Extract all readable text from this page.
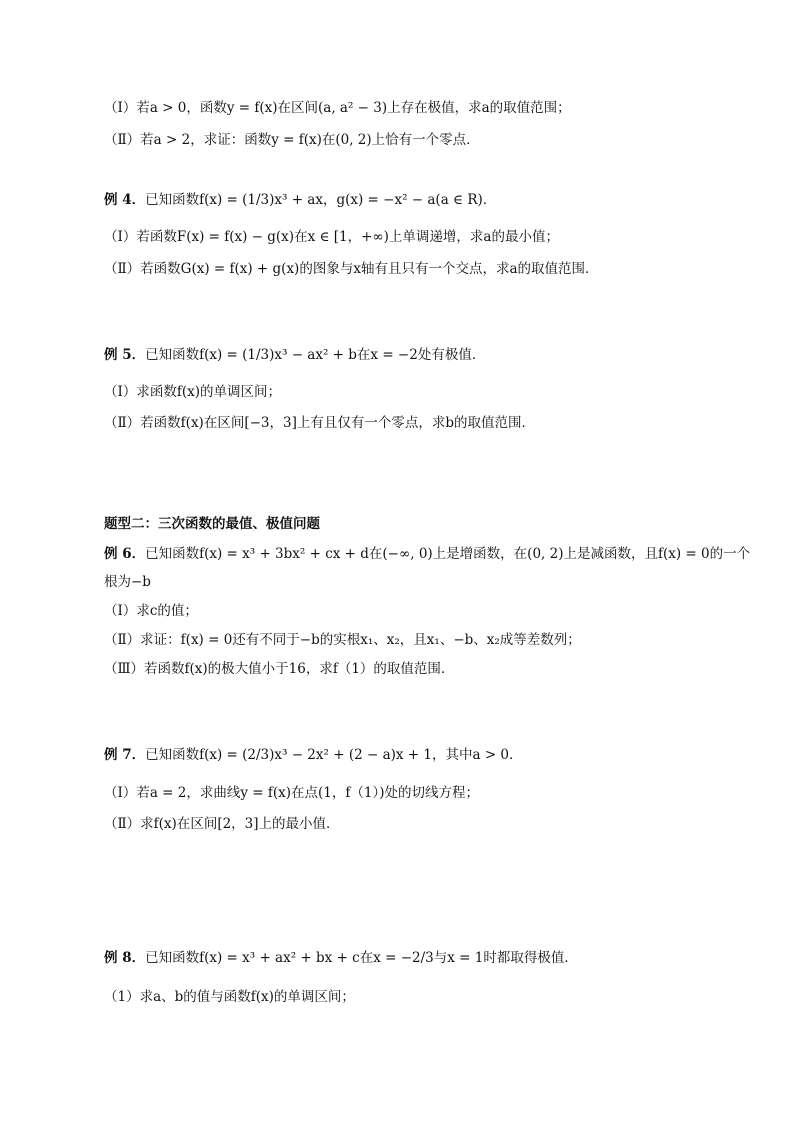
（Ⅰ）若a > 0，函数y = f(x)在区间(a, a² − 3)上存在极值，求a的取值范围；
（Ⅱ）若a > 2，求证：函数y = f(x)在(0, 2)上恰有一个零点．
例 4．已知函数f(x) = (1/3)x³ + ax，g(x) = −x² − a(a ∈ R)．
（Ⅰ）若函数F(x) = f(x) − g(x)在x ∈ [1，+∞)上单调递增，求a的最小值；
（Ⅱ）若函数G(x) = f(x) + g(x)的图象与x轴有且只有一个交点，求a的取值范围．
例 5．已知函数f(x) = (1/3)x³ − ax² + b在x = −2处有极值．
（Ⅰ）求函数f(x)的单调区间；
（Ⅱ）若函数f(x)在区间[−3，3]上有且仅有一个零点，求b的取值范围．
题型二：三次函数的最值、极值问题
例 6．已知函数f(x) = x³ + 3bx² + cx + d在(−∞, 0)上是增函数，在(0, 2)上是减函数，且f(x) = 0的一个
根为−b
（Ⅰ）求c的值；
（Ⅱ）求证：f(x) = 0还有不同于−b的实根x₁、x₂，且x₁、−b、x₂成等差数列；
（Ⅲ）若函数f(x)的极大值小于16，求f（1）的取值范围．
例 7．已知函数f(x) = (2/3)x³ − 2x² + (2 − a)x + 1，其中a > 0．
（Ⅰ）若a = 2，求曲线y = f(x)在点(1，f（1）)处的切线方程；
（Ⅱ）求f(x)在区间[2，3]上的最小值．
例 8．已知函数f(x) = x³ + ax² + bx + c在x = −2/3与x = 1时都取得极值．
（1）求a、b的值与函数f(x)的单调区间；
